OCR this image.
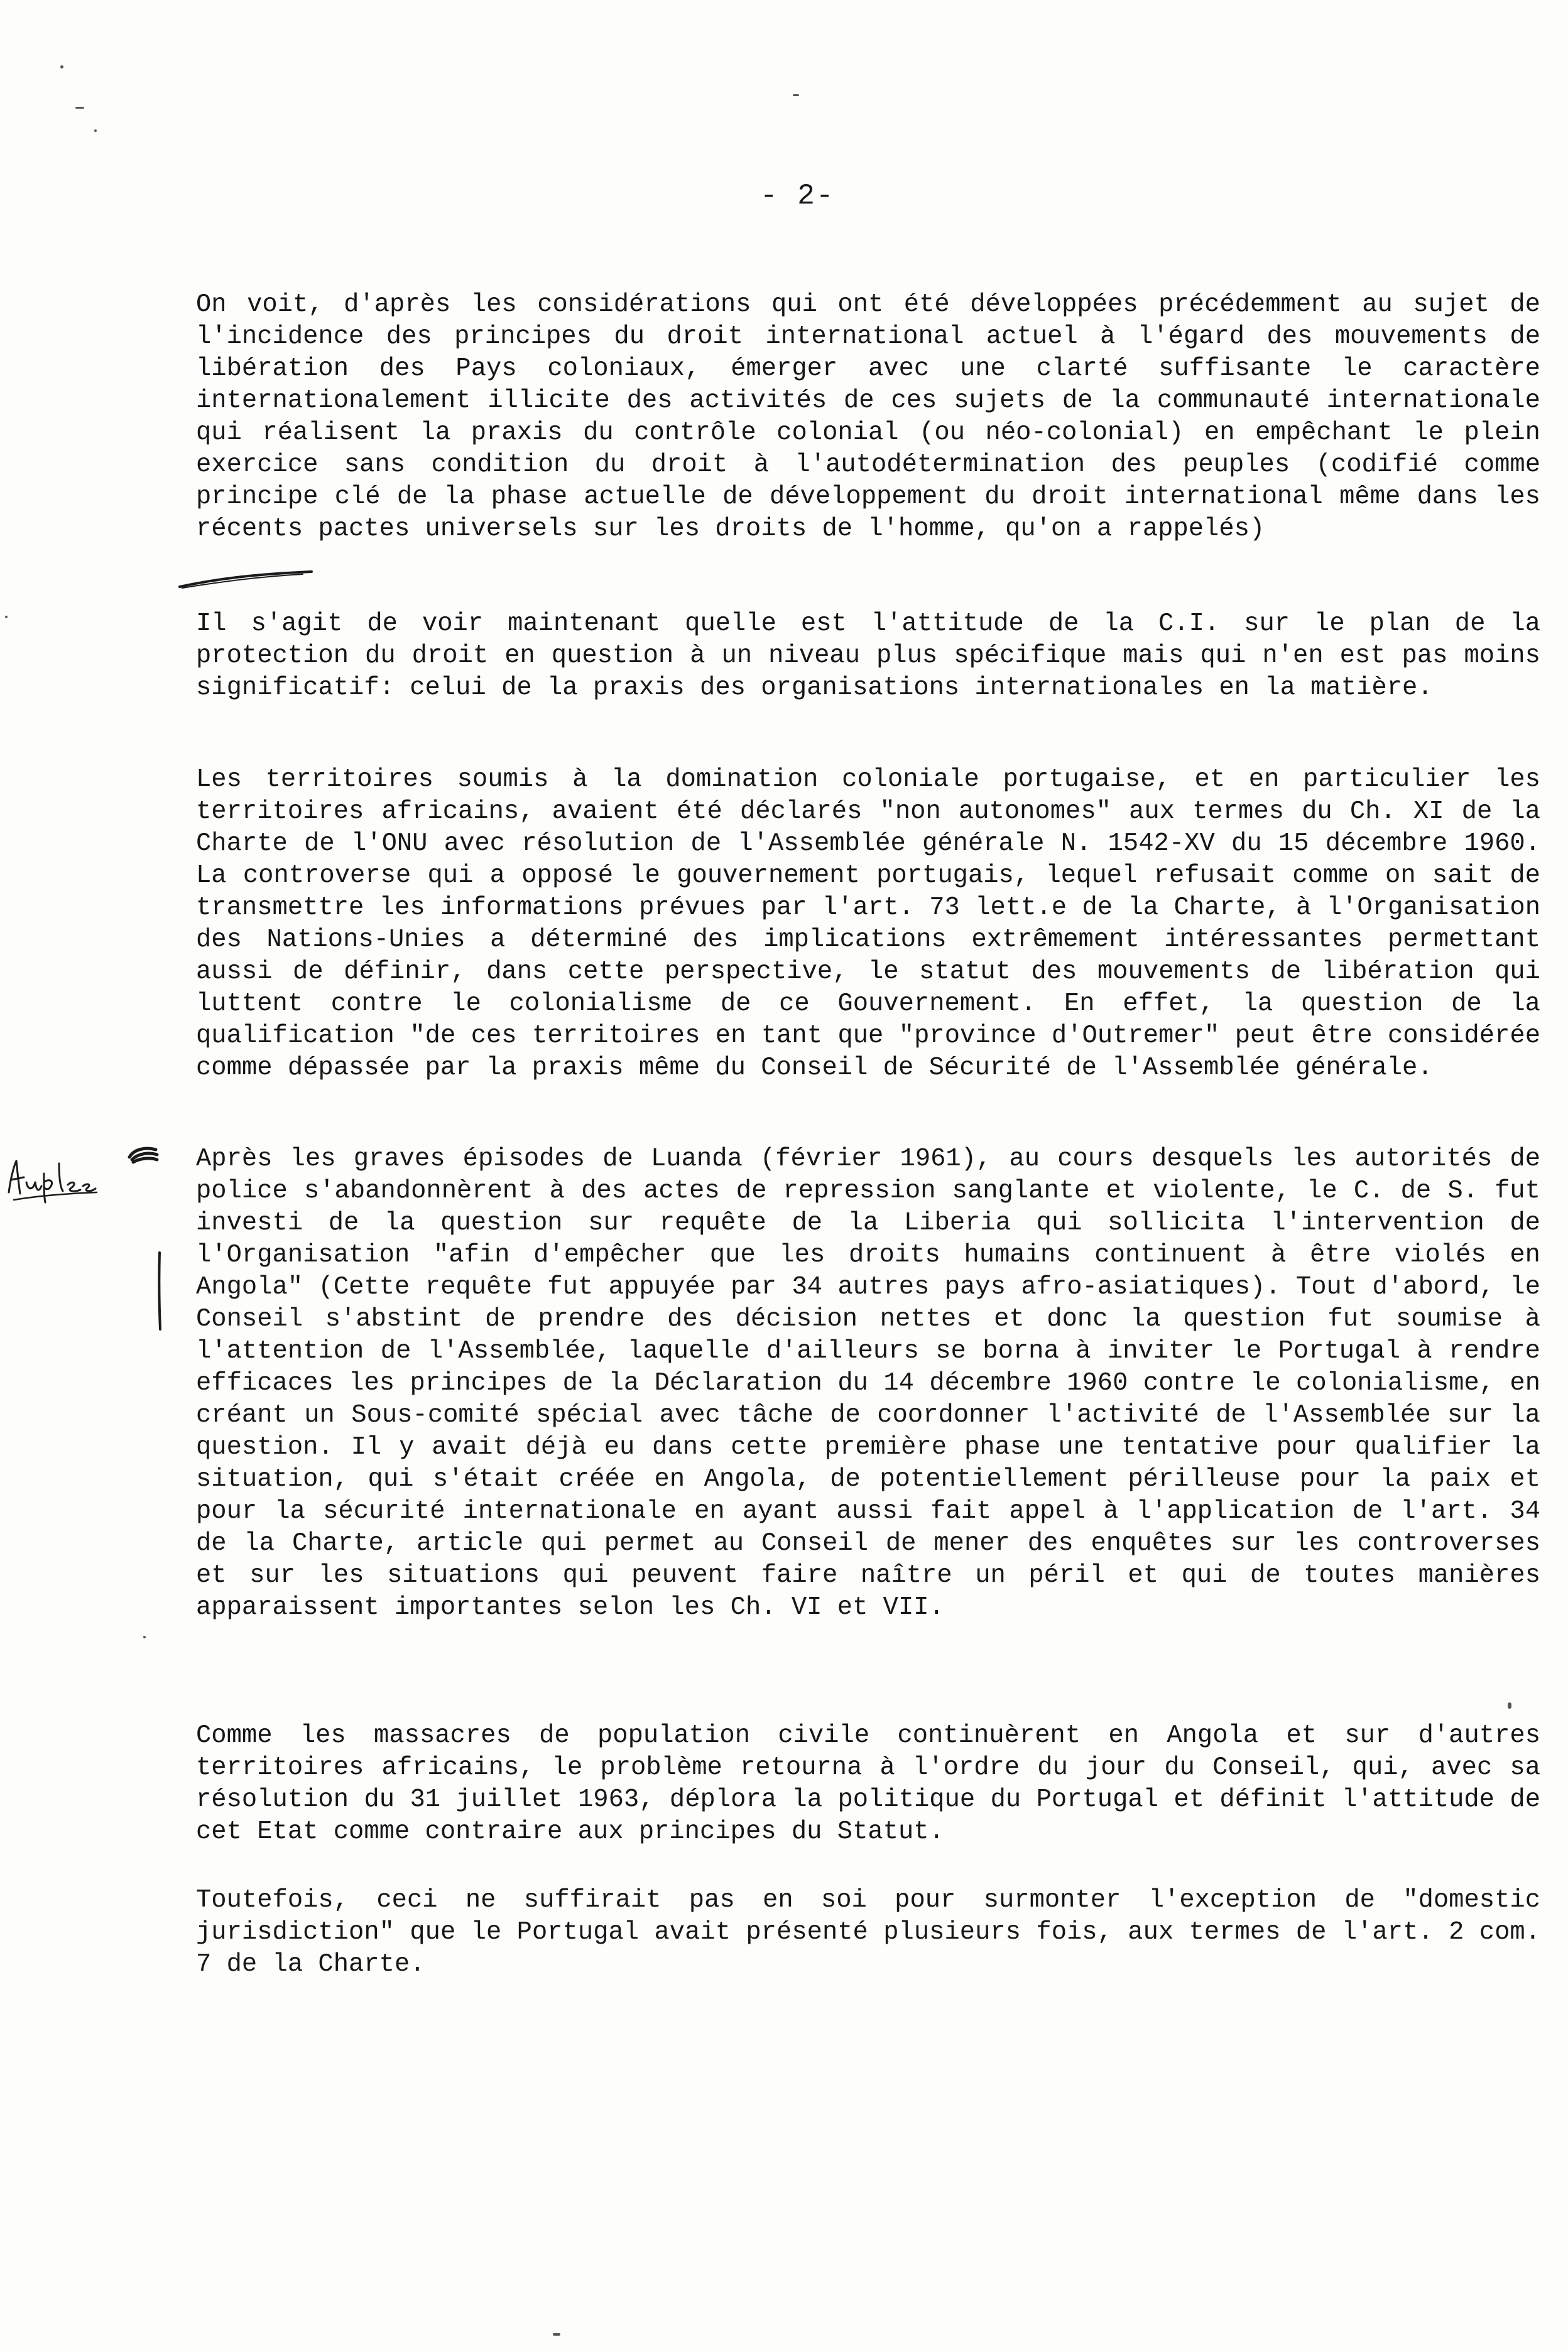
- 2-

On voit, d'après les considérations qui ont été développées précédemment au sujet de l'incidence des principes du droit international actuel à l'égard des mouvements de libération des Pays coloniaux, émerger avec une clarté suffisante le caractère internationalement illicite des activités de ces sujets de la communauté internationale qui réalisent la praxis du contrôle colonial (ou néo-colonial) en empêchant le plein exercice sans condition du droit à l'autodétermination des peuples (codifié comme principe clé de la phase actuelle de développement du droit international même dans les récents pactes universels sur les droits de l'homme, qu'on a rappelés)

Il s'agit de voir maintenant quelle est l'attitude de la C.I. sur le plan de la protection du droit en question à un niveau plus spécifique mais qui n'en est pas moins significatif: celui de la praxis des organisations internationales en la matière.

Les territoires soumis à la domination coloniale portugaise, et en particulier les territoires africains, avaient été déclarés "non autonomes" aux termes du Ch. XI de la Charte de l'ONU avec résolution de l'Assemblée générale N. 1542-XV du 15 décembre 1960. La controverse qui a opposé le gouvernement portugais, lequel refusait comme on sait de transmettre les informations prévues par l'art. 73 lett.e de la Charte, à l'Organisation des Nations-Unies a déterminé des implications extrêmement intéressantes permettant aussi de définir, dans cette perspective, le statut des mouvements de libération qui luttent contre le colonialisme de ce Gouvernement. En effet, la question de la qualification "de ces territoires en tant que "province d'Outremer" peut être considérée comme dépassée par la praxis même du Conseil de Sécurité de l'Assemblée générale.

Après les graves épisodes de Luanda (février 1961), au cours desquels les autorités de police s'abandonnèrent à des actes de repression sanglante et violente, le C. de S. fut investi de la question sur requête de la Liberia qui sollicita l'intervention de l'Organisation "afin d'empêcher que les droits humains continuent à être violés en Angola" (Cette requête fut appuyée par 34 autres pays afro-asiatiques). Tout d'abord, le Conseil s'abstint de prendre des décision nettes et donc la question fut soumise à l'attention de l'Assemblée, laquelle d'ailleurs se borna à inviter le Portugal à rendre efficaces les principes de la Déclaration du 14 décembre 1960 contre le colonialisme, en créant un Sous-comité spécial avec tâche de coordonner l'activité de l'Assemblée sur la question. Il y avait déjà eu dans cette première phase une tentative pour qualifier la situation, qui s'était créée en Angola, de potentiellement périlleuse pour la paix et pour la sécurité internationale en ayant aussi fait appel à l'application de l'art. 34 de la Charte, article qui permet au Conseil de mener des enquêtes sur les controverses et sur les situations qui peuvent faire naître un péril et qui de toutes manières apparaissent importantes selon les Ch. VI et VII.

Comme les massacres de population civile continuèrent en Angola et sur d'autres territoires africains, le problème retourna à l'ordre du jour du Conseil, qui, avec sa résolution du 31 juillet 1963, déplora la politique du Portugal et définit l'attitude de cet Etat comme contraire aux principes du Statut.

Toutefois, ceci ne suffirait pas en soi pour surmonter l'exception de "domestic jurisdiction" que le Portugal avait présenté plusieurs fois, aux termes de l'art. 2 com. 7 de la Charte.
